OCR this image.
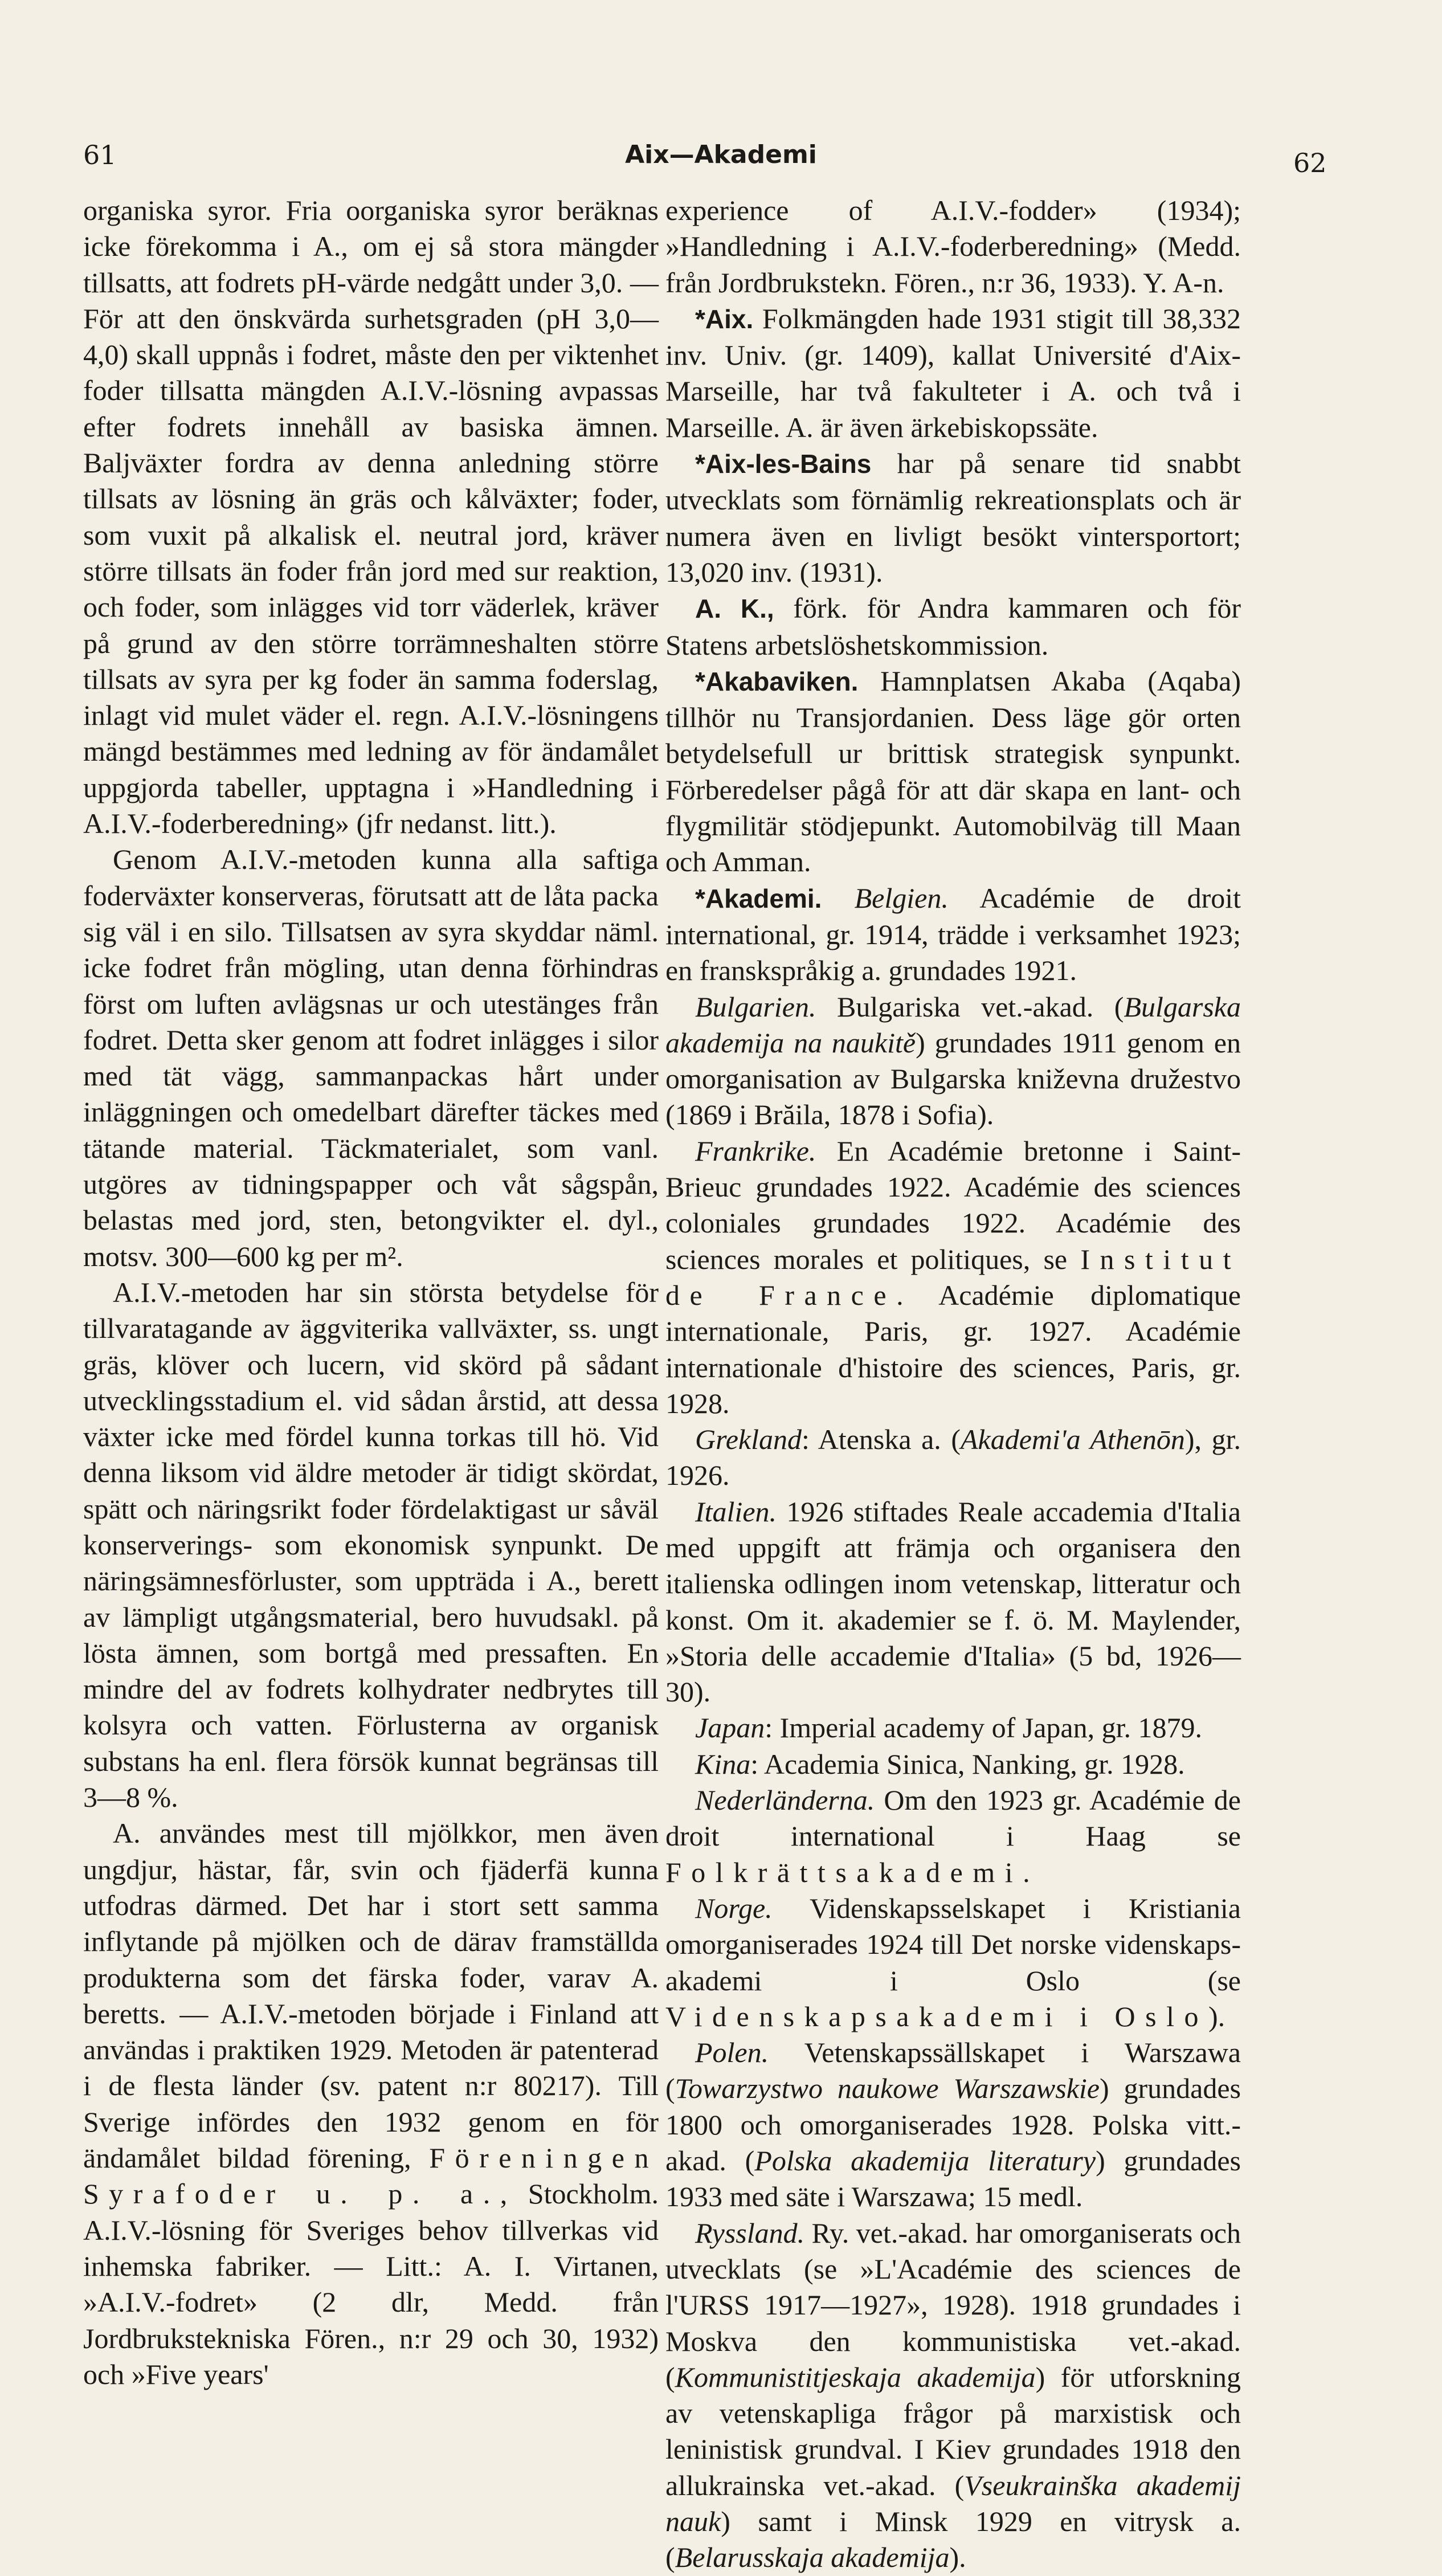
61	Aix—Akademi	62

organiska syror. Fria oorganiska syror beräknas icke förekomma i A., om ej så stora mängder tillsatts, att fodrets pH-värde nedgått under 3,0. — För att den önskvärda surhetsgraden (pH 3,0—4,0) skall uppnås i fodret, måste den per viktenhet foder tillsatta mängden A.I.V.-lösning avpassas efter fodrets innehåll av basiska ämnen. Baljväxter fordra av denna anledning större tillsats av lösning än gräs och kålväxter; foder, som vuxit på alkalisk el. neutral jord, kräver större tillsats än foder från jord med sur reaktion, och foder, som inlägges vid torr väderlek, kräver på grund av den större torrämneshalten större tillsats av syra per kg foder än samma foderslag, inlagt vid mulet väder el. regn. A.I.V.-lösningens mängd bestämmes med ledning av för ändamålet uppgjorda tabeller, upptagna i »Handledning i A.I.V.-foderberedning» (jfr nedanst. litt.).

Genom A.I.V.-metoden kunna alla saftiga foderväxter konserveras, förutsatt att de låta packa sig väl i en silo. Tillsatsen av syra skyddar näml. icke fodret från mögling, utan denna förhindras först om luften avlägsnas ur och utestänges från fodret. Detta sker genom att fodret inlägges i silor med tät vägg, sammanpackas hårt under inläggningen och omedelbart därefter täckes med tätande material. Täckmaterialet, som vanl. utgöres av tidningspapper och våt sågspån, belastas med jord, sten, betongvikter el. dyl., motsv. 300—600 kg per m².

A.I.V.-metoden har sin största betydelse för tillvaratagande av äggviterika vallväxter, ss. ungt gräs, klöver och lucern, vid skörd på sådant utvecklingsstadium el. vid sådan årstid, att dessa växter icke med fördel kunna torkas till hö. Vid denna liksom vid äldre metoder är tidigt skördat, spätt och näringsrikt foder fördelaktigast ur såväl konserverings- som ekonomisk synpunkt. De näringsämnesförluster, som uppträda i A., berett av lämpligt utgångsmaterial, bero huvudsakl. på lösta ämnen, som bortgå med pressaften. En mindre del av fodrets kolhydrater nedbrytes till kolsyra och vatten. Förlusterna av organisk substans ha enl. flera försök kunnat begränsas till 3—8 %.

A. användes mest till mjölkkor, men även ungdjur, hästar, får, svin och fjäderfä kunna utfodras därmed. Det har i stort sett samma inflytande på mjölken och de därav framställda produkterna som det färska foder, varav A. beretts. — A.I.V.-metoden började i Finland att användas i praktiken 1929. Metoden är patenterad i de flesta länder (sv. patent n:r 80217). Till Sverige infördes den 1932 genom en för ändamålet bildad förening, Föreningen Syrafoder u. p. a., Stockholm. A.I.V.-lösning för Sveriges behov tillverkas vid inhemska fabriker. — Litt.: A. I. Virtanen, »A.I.V.-fodret» (2 dlr, Medd. från Jordbrukstekniska Fören., n:r 29 och 30, 1932) och »Five years'

experience of A.I.V.-fodder» (1934); »Handledning i A.I.V.-foderberedning» (Medd. från Jordbrukstekn. Fören., n:r 36, 1933). Y. A-n.

*Aix. Folkmängden hade 1931 stigit till 38,332 inv. Univ. (gr. 1409), kallat Université d'Aix-Marseille, har två fakulteter i A. och två i Marseille. A. är även ärkebiskopssäte.

*Aix-les-Bains har på senare tid snabbt utvecklats som förnämlig rekreationsplats och är numera även en livligt besökt vintersportort; 13,020 inv. (1931).

A. K., förk. för Andra kammaren och för Statens arbetslöshetskommission.

*Akabaviken. Hamnplatsen Akaba (Aqaba) tillhör nu Transjordanien. Dess läge gör orten betydelsefull ur brittisk strategisk synpunkt. Förberedelser pågå för att där skapa en lant- och flygmilitär stödjepunkt. Automobilväg till Maan och Amman.

*Akademi. Belgien. Académie de droit international, gr. 1914, trädde i verksamhet 1923; en franskspråkig a. grundades 1921.

Bulgarien. Bulgariska vet.-akad. (Bulgarska akademija na naukitě) grundades 1911 genom en omorganisation av Bulgarska kniževna družestvo (1869 i Brăila, 1878 i Sofia).

Frankrike. En Académie bretonne i Saint-Brieuc grundades 1922. Académie des sciences coloniales grundades 1922. Académie des sciences morales et politiques, se Institut de France. Académie diplomatique internationale, Paris, gr. 1927. Académie internationale d'histoire des sciences, Paris, gr. 1928.

Grekland: Atenska a. (Akademi'a Athenōn), gr. 1926.

Italien. 1926 stiftades Reale accademia d'Italia med uppgift att främja och organisera den italienska odlingen inom vetenskap, litteratur och konst. Om it. akademier se f. ö. M. Maylender, »Storia delle accademie d'Italia» (5 bd, 1926—30).

Japan: Imperial academy of Japan, gr. 1879.

Kina: Academia Sinica, Nanking, gr. 1928.

Nederländerna. Om den 1923 gr. Académie de droit international i Haag se Folkrättsakademi.

Norge. Videnskapsselskapet i Kristiania omorganiserades 1924 till Det norske videnskaps-akademi i Oslo (se Videnskapsakademi i Oslo).

Polen. Vetenskapssällskapet i Warszawa (Towarzystwo naukowe Warszawskie) grundades 1800 och omorganiserades 1928. Polska vitt.-akad. (Polska akademija literatury) grundades 1933 med säte i Warszawa; 15 medl.

Ryssland. Ry. vet.-akad. har omorganiserats och utvecklats (se »L'Académie des sciences de l'URSS 1917—1927», 1928). 1918 grundades i Moskva den kommunistiska vet.-akad. (Kommunistitjeskaja akademija) för utforskning av vetenskapliga frågor på marxistisk och leninistisk grundval. I Kiev grundades 1918 den allukrainska vet.-akad. (Vseukrainška akademij nauk) samt i Minsk 1929 en vitrysk a. (Belarusskaja akademija).
